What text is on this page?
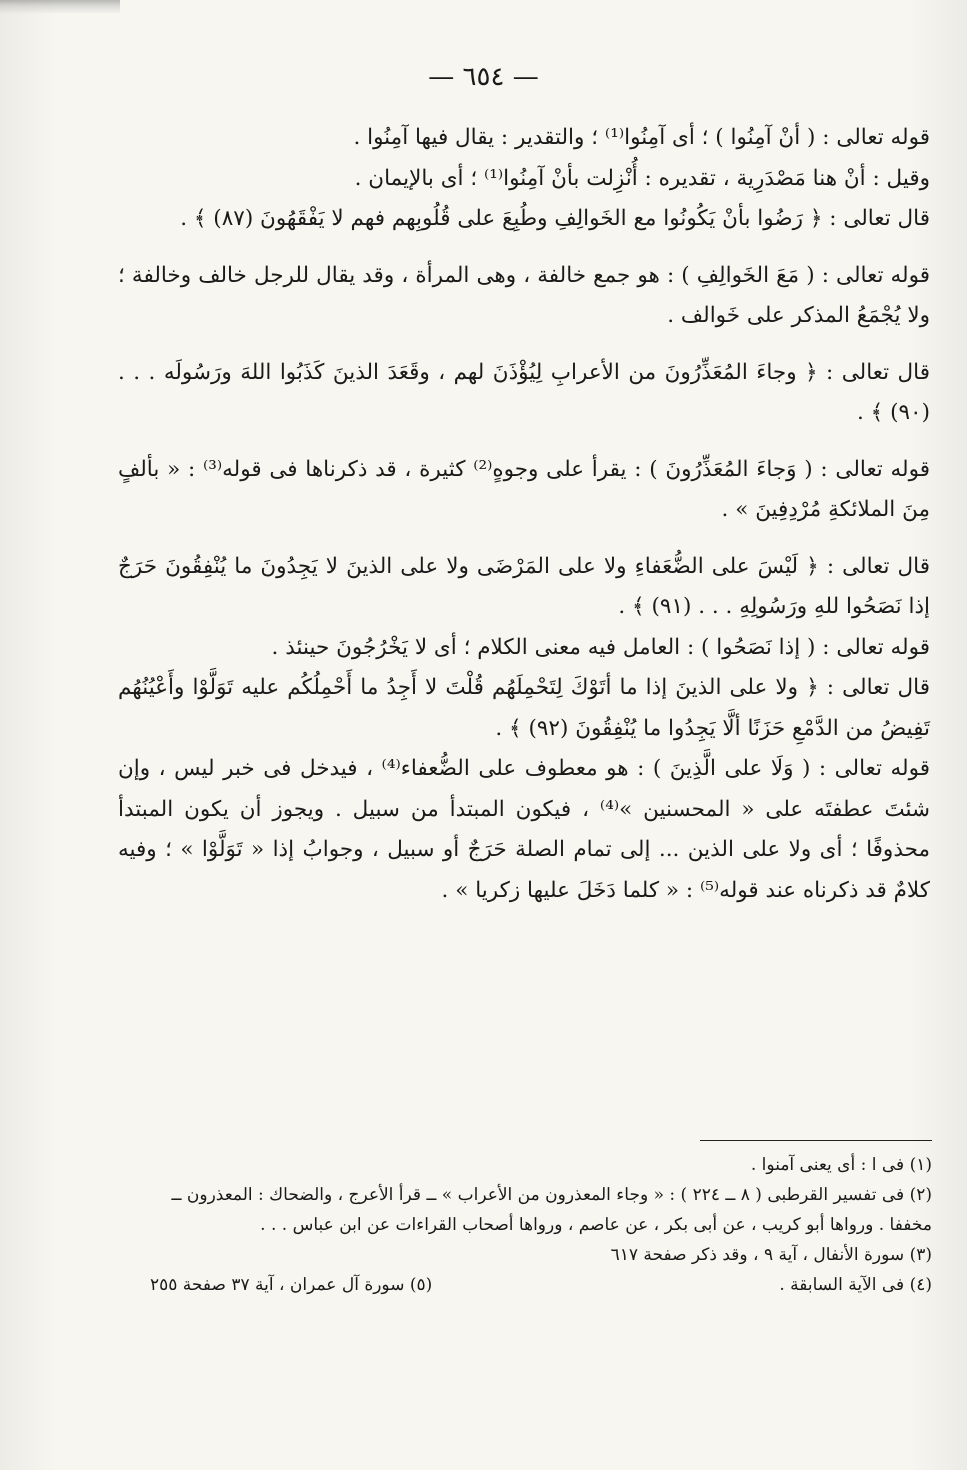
— ٦٥٤ —

قوله تعالى : ( أنْ آمِنُوا ) ؛ أى آمِنُوا⁽¹⁾ ؛ والتقدير : يقال فيها آمِنُوا .

وقيل : أنْ هنا مَصْدَرِية ، تقديره : أُنْزِلت بأنْ آمِنُوا⁽¹⁾ ؛ أى بالإيمان .

قال تعالى : ﴿ رَضُوا بأنْ يَكُونُوا مع الخَوالِفِ وطُبِعَ على قُلُوبِهم فهم لا يَفْقَهُونَ (٨٧) ﴾ .

قوله تعالى : ( مَعَ الخَوالِفِ ) : هو جمع خالفة ، وهى المرأة ، وقد يقال للرجل خالف وخالفة ؛ ولا يُجْمَعُ المذكر على خَوالف .

قال تعالى : ﴿ وجاءَ المُعَذِّرُونَ من الأعرابِ لِيُؤْذَنَ لهم ، وقَعَدَ الذينَ كَذَبُوا اللهَ ورَسُولَه . . . (٩٠) ﴾ .

قوله تعالى : ( وَجاءَ المُعَذِّرُونَ ) : يقرأ على وجوهٍ⁽²⁾ كثيرة ، قد ذكرناها فى قوله⁽³⁾ : « بألفٍ مِنَ الملائكةِ مُرْدِفِينَ » .

قال تعالى : ﴿ لَيْسَ على الضُّعَفاءِ ولا على المَرْضَى ولا على الذينَ لا يَجِدُونَ ما يُنْفِقُونَ حَرَجٌ إذا نَصَحُوا للهِ ورَسُولِهِ . . . (٩١) ﴾ .

قوله تعالى : ( إذا نَصَحُوا ) : العامل فيه معنى الكلام ؛ أى لا يَخْرُجُونَ حينئذ .

قال تعالى : ﴿ ولا على الذينَ إذا ما أتَوْكَ لِتَحْمِلَهُم قُلْتَ لا أَجِدُ ما أَحْمِلُكُم عليه تَوَلَّوْا وأَعْيُنُهُم تَفِيضُ من الدَّمْعِ حَزَنًا ألَّا يَجِدُوا ما يُنْفِقُونَ (٩٢) ﴾ .

قوله تعالى : ( وَلَا على الَّذِينَ ) : هو معطوف على الضُّعفاء⁽⁴⁾ ، فيدخل فى خبر ليس ، وإن شئتَ عطفتَه على « المحسنين »⁽⁴⁾ ، فيكون المبتدأ من سبيل . ويجوز أن يكون المبتدأ محذوفًا ؛ أى ولا على الذين ... إلى تمام الصلة حَرَجٌ أو سبيل ، وجوابُ إذا « تَوَلَّوْا » ؛ وفيه كلامٌ قد ذكرناه عند قوله⁽⁵⁾ : « كلما دَخَلَ عليها زكريا » .

(١) فى ا : أى يعنى آمنوا .

(٢) فى تفسير القرطبى ( ٨ ــ ٢٢٤ ) : « وجاء المعذرون من الأعراب » ــ قرأ الأعرج ، والضحاك : المعذرون ــ مخففا . ورواها أبو كريب ، عن أبى بكر ، عن عاصم ، ورواها أصحاب القراءات عن ابن عباس . . .

(٣) سورة الأنفال ، آية ٩ ، وقد ذكر صفحة ٦١٧

(٤) فى الآية السابقة .
(٥) سورة آل عمران ، آية ٣٧ صفحة ٢٥٥
